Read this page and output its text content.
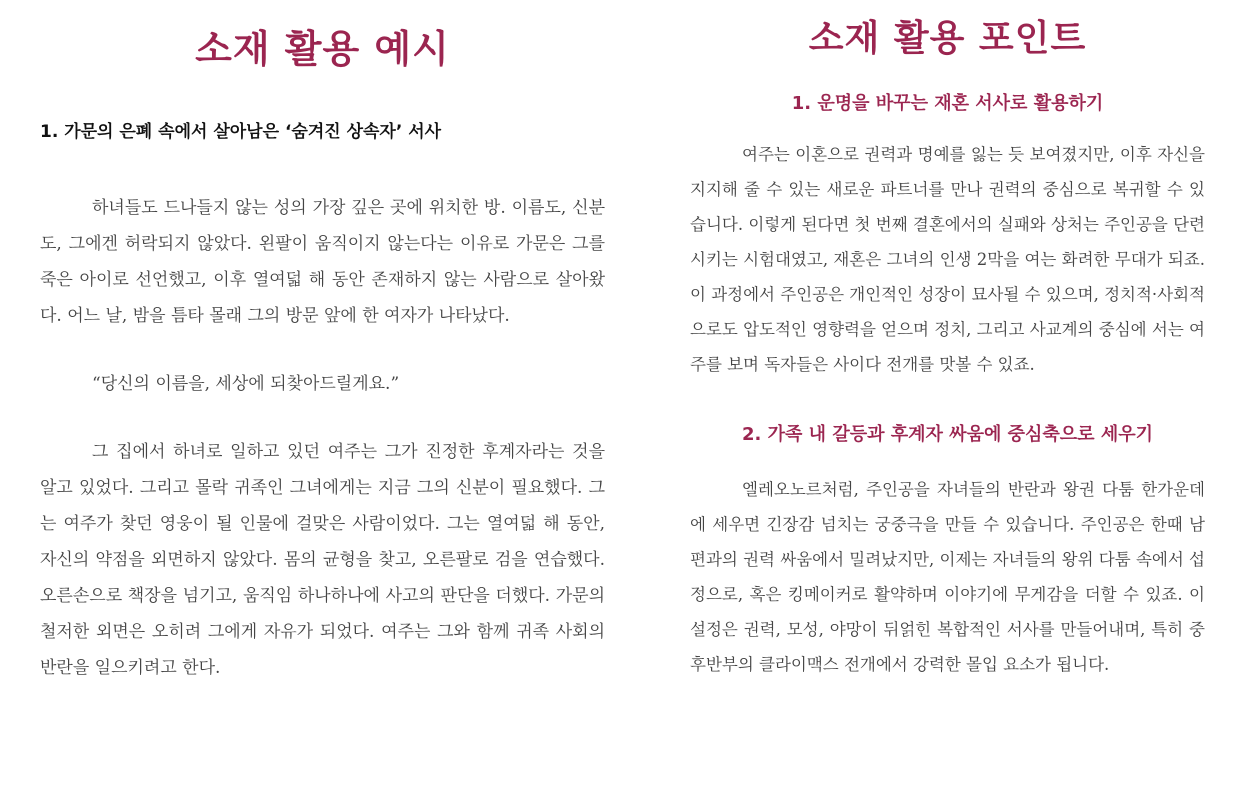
소재 활용 예시

1. 가문의 은폐 속에서 살아남은 ‘숨겨진 상속자’ 서사

하녀들도 드나들지 않는 성의 가장 깊은 곳에 위치한 방. 이름도, 신분도, 그에겐 허락되지 않았다. 왼팔이 움직이지 않는다는 이유로 가문은 그를 죽은 아이로 선언했고, 이후 열여덟 해 동안 존재하지 않는 사람으로 살아왔다. 어느 날, 밤을 틈타 몰래 그의 방문 앞에 한 여자가 나타났다.

“당신의 이름을, 세상에 되찾아드릴게요.”

그 집에서 하녀로 일하고 있던 여주는 그가 진정한 후계자라는 것을 알고 있었다. 그리고 몰락 귀족인 그녀에게는 지금 그의 신분이 필요했다. 그는 여주가 찾던 영웅이 될 인물에 걸맞은 사람이었다. 그는 열여덟 해 동안, 자신의 약점을 외면하지 않았다. 몸의 균형을 찾고, 오른팔로 검을 연습했다. 오른손으로 책장을 넘기고, 움직임 하나하나에 사고의 판단을 더했다. 가문의 철저한 외면은 오히려 그에게 자유가 되었다. 여주는 그와 함께 귀족 사회의 반란을 일으키려고 한다.

소재 활용 포인트

1. 운명을 바꾸는 재혼 서사로 활용하기

여주는 이혼으로 권력과 명예를 잃는 듯 보여졌지만, 이후 자신을 지지해 줄 수 있는 새로운 파트너를 만나 권력의 중심으로 복귀할 수 있습니다. 이렇게 된다면 첫 번째 결혼에서의 실패와 상처는 주인공을 단련시키는 시험대였고, 재혼은 그녀의 인생 2막을 여는 화려한 무대가 되죠. 이 과정에서 주인공은 개인적인 성장이 묘사될 수 있으며, 정치적·사회적으로도 압도적인 영향력을 얻으며 정치, 그리고 사교계의 중심에 서는 여주를 보며 독자들은 사이다 전개를 맛볼 수 있죠.

2. 가족 내 갈등과 후계자 싸움에 중심축으로 세우기

엘레오노르처럼, 주인공을 자녀들의 반란과 왕권 다툼 한가운데에 세우면 긴장감 넘치는 궁중극을 만들 수 있습니다. 주인공은 한때 남편과의 권력 싸움에서 밀려났지만, 이제는 자녀들의 왕위 다툼 속에서 섭정으로, 혹은 킹메이커로 활약하며 이야기에 무게감을 더할 수 있죠. 이 설정은 권력, 모성, 야망이 뒤얽힌 복합적인 서사를 만들어내며, 특히 중후반부의 클라이맥스 전개에서 강력한 몰입 요소가 됩니다.
